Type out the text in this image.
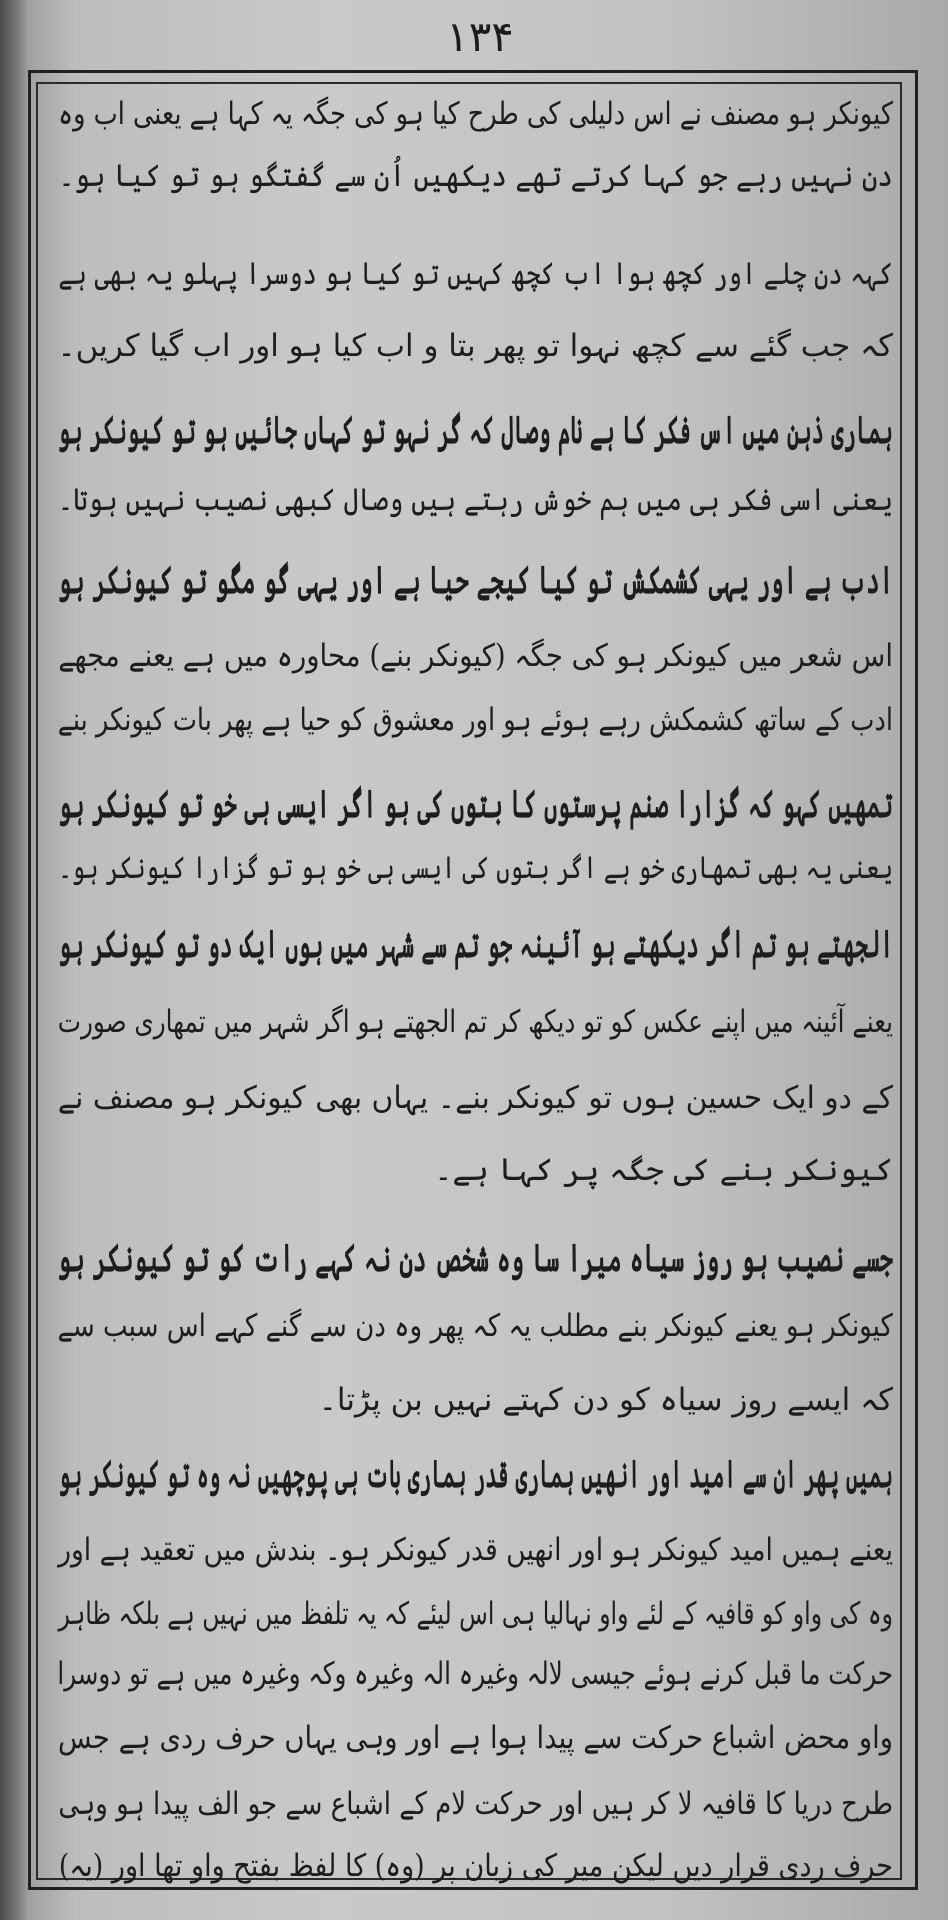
۱۳۴
کیونکر ہو مصنف نے اس دلیلی کی طرح کیا ہو کی جگہ یہ کہا ہے یعنی اب وہ
دن نہیں رہے جو کہا کرتے تھے دیکھیں اُن سے گفتگو ہو تو کیا ہو۔
کہہ دن چلے اور کچھ ہوا اب کچھ کہیں تو کیا ہو دوسرا پہلو یہ بھی ہے
کہ جب گئے سے کچھ نہوا تو پھر بتا و اب کیا ہو اور اب گیا کریں۔
ہماری ذہن میں اس فکر کا ہے نام وصال کہ گر نہو تو کہاں جائیں ہو تو کیونکر ہو
یعنی اسی فکر ہی میں ہم خوش رہتے ہیں وصال کبھی نصیب نہیں ہوتا۔
ادب ہے اور یہی کشمکش تو کیا کیجے حیا ہے اور یہی گو مگو تو کیونکر ہو
اس شعر میں کیونکر ہو کی جگہ (کیونکر بنے) محاورہ میں ہے یعنے مجھے
ادب کے ساتھ کشمکش رہے ہوئے ہو اور معشوق کو حیا ہے پھر بات کیونکر بنے
تمھیں کہو کہ گزارا صنم پرستوں کا بتوں کی ہو اگر ایسی ہی خو تو کیونکر ہو
یعنی یہ بھی تمھاری خو ہے اگر بتوں کی ایسی ہی خو ہو تو گزارا کیونکر ہو۔
الجھتے ہو تم اگر دیکھتے ہو آئینہ جو تم سے شہر میں ہوں ایک دو تو کیونکر ہو
یعنے آئینہ میں اپنے عکس کو تو دیکھ کر تم الجھتے ہو اگر شہر میں تمھاری صورت
کے دو ایک حسین ہوں تو کیونکر بنے۔ یہاں بھی کیونکر ہو مصنف نے
کیونکر بنے کی جگہ پر کہا ہے۔
جسے نصیب ہو روز سیاہ میرا سا وہ شخص دن نہ کہے رات کو تو کیونکر ہو
کیونکر ہو یعنے کیونکر بنے مطلب یہ کہ پھر وہ دن سے گنے کہے اس سبب سے
کہ ایسے روز سیاہ کو دن کہتے نہیں بن پڑتا۔
ہمیں پھر ان سے امید اور انھیں ہماری قدر ہماری بات ہی پوچھیں نہ وہ تو کیونکر ہو
یعنے ہمیں امید کیونکر ہو اور انھیں قدر کیونکر ہو۔ بندش میں تعقید ہے اور
وہ کی واو کو قافیہ کے لئے واو نہالیا ہی اس لیئے کہ یہ تلفظ میں نہیں ہے بلکہ ظاہر
حرکت ما قبل کرنے ہوئے جیسی لالہ وغیرہ الہ وغیرہ وکہ وغیرہ میں ہے تو دوسرا
واو محض اشباع حرکت سے پیدا ہوا ہے اور وہی یہاں حرف ردی ہے جس
طرح دریا کا قافیہ لا کر ہیں اور حرکت لام کے اشباع سے جو الف پیدا ہو وہی
حرف ردی قرار دیں لیکن میر کی زبان پر (وہ) کا لفظ بفتح واو تھا اور (یہ)
